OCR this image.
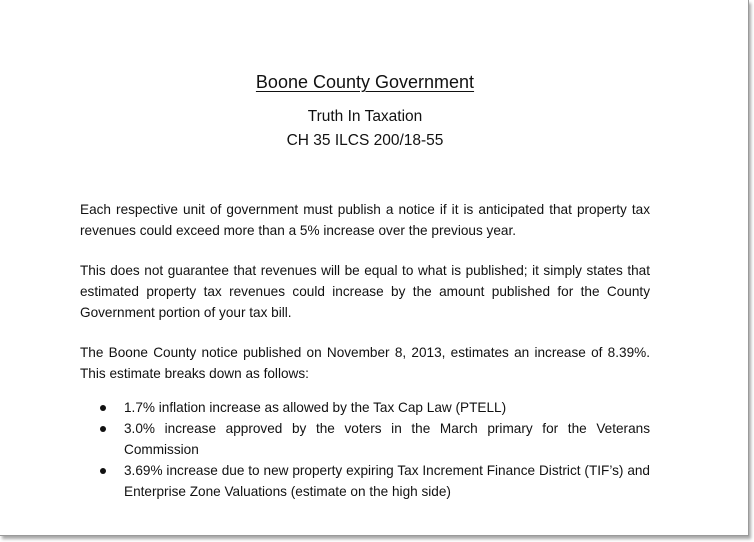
Boone County Government
Truth In Taxation
CH 35 ILCS 200/18-55

Each respective unit of government must publish a notice if it is anticipated that property tax revenues could exceed more than a 5% increase over the previous year.

This does not guarantee that revenues will be equal to what is published; it simply states that estimated property tax revenues could increase by the amount published for the County Government portion of your tax bill.

The Boone County notice published on November 8, 2013, estimates an increase of 8.39%. This estimate breaks down as follows:

1.7% inflation increase as allowed by the Tax Cap Law (PTELL)
3.0% increase approved by the voters in the March primary for the Veterans Commission
3.69% increase due to new property expiring Tax Increment Finance District (TIF’s) and Enterprise Zone Valuations (estimate on the high side)
